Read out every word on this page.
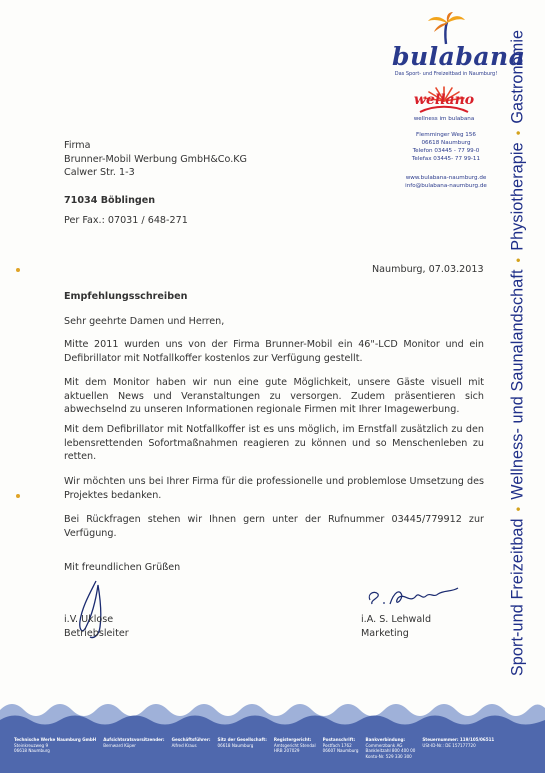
bulabana
Das Sport- und Freizeitbad in Naumburg!
wellano
wellness im bulabana
Flemminger Weg 156
06618 Naumburg
Telefon 03445 - 77 99-0
Telefax 03445- 77 99-11
www.bulabana-naumburg.de
info@bulabana-naumburg.de
Sport-und Freizeitbad•Wellness- und Saunalandschaft•Physiotherapie•Gastronomie
Firma
Brunner-Mobil Werbung GmbH&Co.KG
Calwer Str. 1-3
71034 Böblingen
Per Fax.: 07031 / 648-271
Naumburg, 07.03.2013
Empfehlungsschreiben
Sehr geehrte Damen und Herren,
Mitte 2011 wurden uns von der Firma Brunner-Mobil ein 46"-LCD Monitor und ein Defibrillator mit Notfallkoffer kostenlos zur Verfügung gestellt.
Mit dem Monitor haben wir nun eine gute Möglichkeit, unsere Gäste visuell mit aktuellen News und Veranstaltungen zu versorgen. Zudem präsentieren sich abwechselnd zu unseren Informationen regionale Firmen mit Ihrer Imagewerbung.
Mit dem Defibrillator mit Notfallkoffer ist es uns möglich, im Ernstfall zusätzlich zu den lebensrettenden Sofortmaßnahmen reagieren zu können und so Menschenleben zu retten.
Wir möchten uns bei Ihrer Firma für die professionelle und problemlose Umsetzung des Projektes bedanken.
Bei Rückfragen stehen wir Ihnen gern unter der Rufnummer 03445/779912 zur Verfügung.
Mit freundlichen Grüßen
i.V. Uklose
Betriebsleiter
i.A. S. Lehwald
Marketing
Technische Werke Naumburg GmbH
Steinkreuzweg 9
06618 Naumburg
Aufsichtsratsvorsitzender:
Bernward Küper
Geschäftsführer:
Alfred Kraus
Sitz der Gesellschaft:
06618 Naumburg
Registergericht:
Amtsgericht Stendal
HRB 207029
Postanschrift:
Postfach 1762
06607 Naumburg
Bankverbindung:
Commerzbank AG
Bankleitzahl 800 400 00
Konto-Nr. 529 330 300
Steuernummer: 119/105/06511
USt-ID-Nr.: DE 157177720
